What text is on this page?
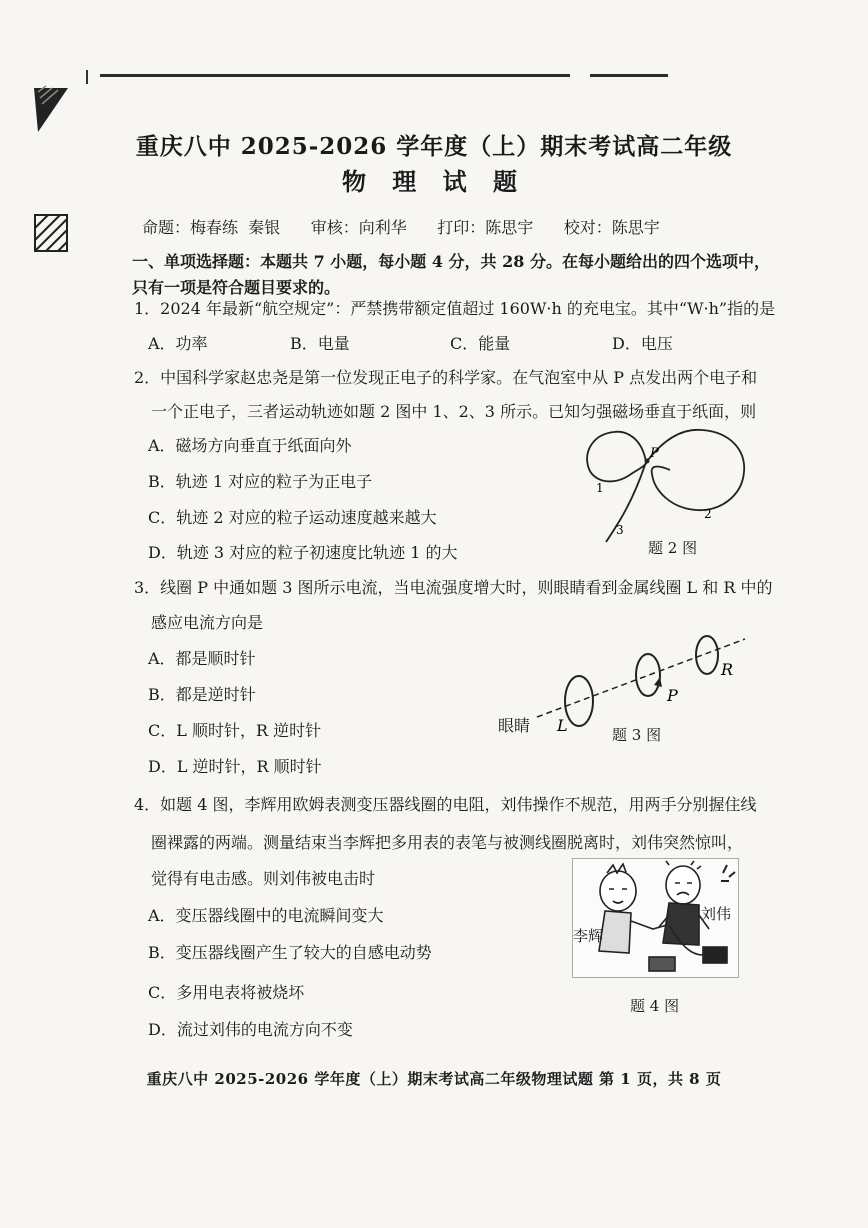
重庆八中 2025-2026 学年度（上）期末考试高二年级
物 理 试 题
命题：梅春练  秦银      审核：向利华      打印：陈思宇      校对：陈思宇
一、单项选择题：本题共 7 小题，每小题 4 分，共 28 分。在每小题给出的四个选项中，
只有一项是符合题目要求的。
1．2024 年最新“航空规定”：严禁携带额定值超过 160W·h 的充电宝。其中“W·h”指的是
A．功率	B．电量	C．能量	D．电压
2．中国科学家赵忠尧是第一位发现正电子的科学家。在气泡室中从 P 点发出两个电子和
一个正电子，三者运动轨迹如题 2 图中 1、2、3 所示。已知匀强磁场垂直于纸面，则
A．磁场方向垂直于纸面向外
B．轨迹 1 对应的粒子为正电子
C．轨迹 2 对应的粒子运动速度越来越大
D．轨迹 3 对应的粒子初速度比轨迹 1 的大
P
1
2
3
题 2 图
3．线圈 P 中通如题 3 图所示电流，当电流强度增大时，则眼睛看到金属线圈 L 和 R 中的
感应电流方向是
A．都是顺时针
B．都是逆时针
C．L 顺时针，R 逆时针
D．L 逆时针，R 顺时针
L
P
R
眼睛	题 3 图
4．如题 4 图，李辉用欧姆表测变压器线圈的电阻，刘伟操作不规范，用两手分别握住线
圈裸露的两端。测量结束当李辉把多用表的表笔与被测线圈脱离时，刘伟突然惊叫，
觉得有电击感。则刘伟被电击时
A．变压器线圈中的电流瞬间变大
B．变压器线圈产生了较大的自感电动势
C．多用电表将被烧坏
D．流过刘伟的电流方向不变
李辉
刘伟
题 4 图
重庆八中 2025-2026 学年度（上）期末考试高二年级物理试题 第 1 页，共 8 页
